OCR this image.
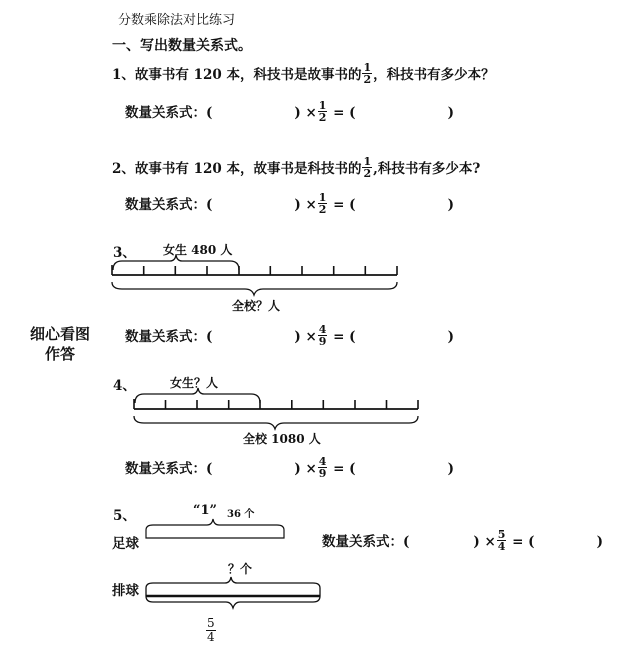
分数乘除法对比练习
一、写出数量关系式。
1、故事书有 120 本，科技书是故事书的 $\frac{1}{2}$ ，科技书有多少本？
数量关系式：(	) × $\frac{1}{2}$ = (	)
2、故事书有 120 本，故事书是科技书的 $\frac{1}{2}$ ,科技书有多少本?
数量关系式：(	) × $\frac{1}{2}$ = (	)
3、 女生 480 人
全校？人
细心看图
作答
数量关系式：(	) × $\frac{4}{9}$ = (	)
4、	女生？人
全校 1080 人
数量关系式：(	) × $\frac{4}{9}$ = (	)
5、	“1” 36 个
足球	数量关系式：(	) × $\frac{5}{4}$ = (	)
？个
排球
$\frac{5}{4}$
